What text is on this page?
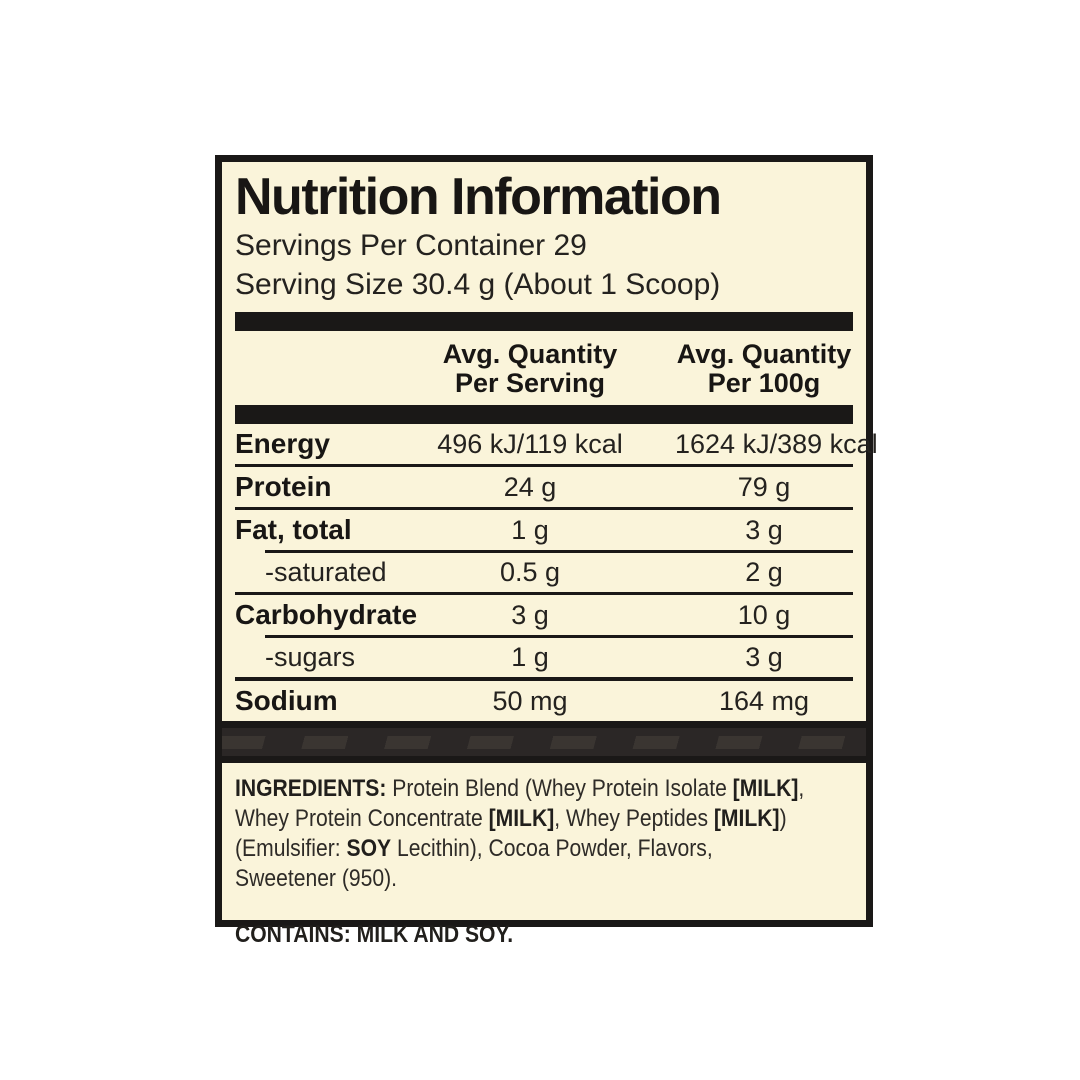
Nutrition Information
Servings Per Container 29
Serving Size 30.4 g (About 1 Scoop)
Avg. Quantity
Per Serving
Avg. Quantity
Per 100g
Energy	496 kJ/119 kcal	1624 kJ/389 kcal
Protein	24 g	79 g
Fat, total	1 g	3 g
-saturated	0.5 g	2 g
Carbohydrate	3 g	10 g
-sugars	1 g	3 g
Sodium	50 mg	164 mg
INGREDIENTS: Protein Blend (Whey Protein Isolate [MILK],
Whey Protein Concentrate [MILK], Whey Peptides [MILK])
(Emulsifier: SOY Lecithin), Cocoa Powder, Flavors,
Sweetener (950).
CONTAINS: MILK AND SOY.
